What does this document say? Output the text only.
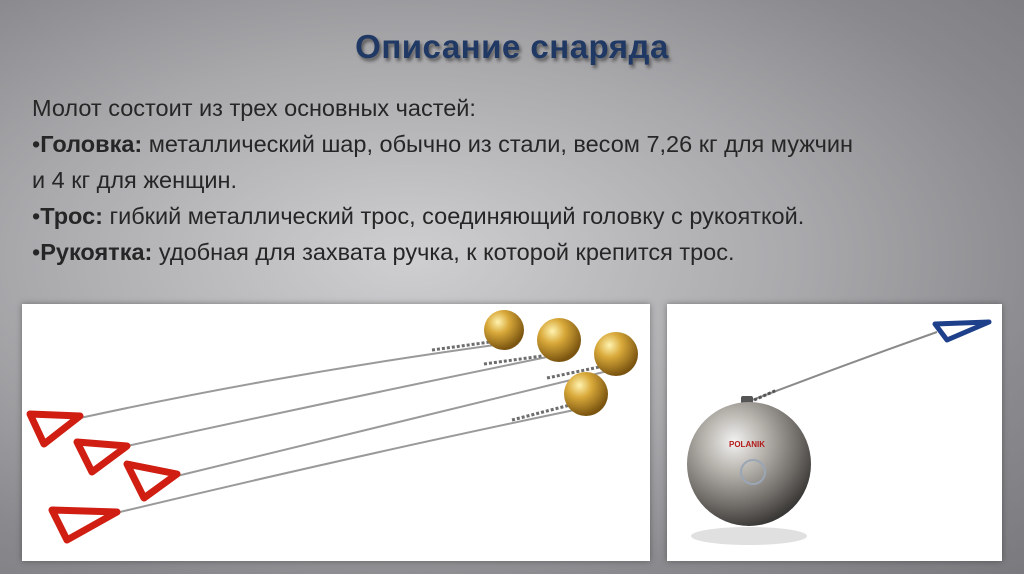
Описание снаряда

Молот состоит из трех основных частей:

•Головка: металлический шар, обычно из стали, весом 7,26 кг для мужчин

и 4 кг для женщин.

•Трос: гибкий металлический трос, соединяющий головку с рукояткой.

•Рукоятка: удобная для захвата ручка, к которой крепится трос.

POLANIK
